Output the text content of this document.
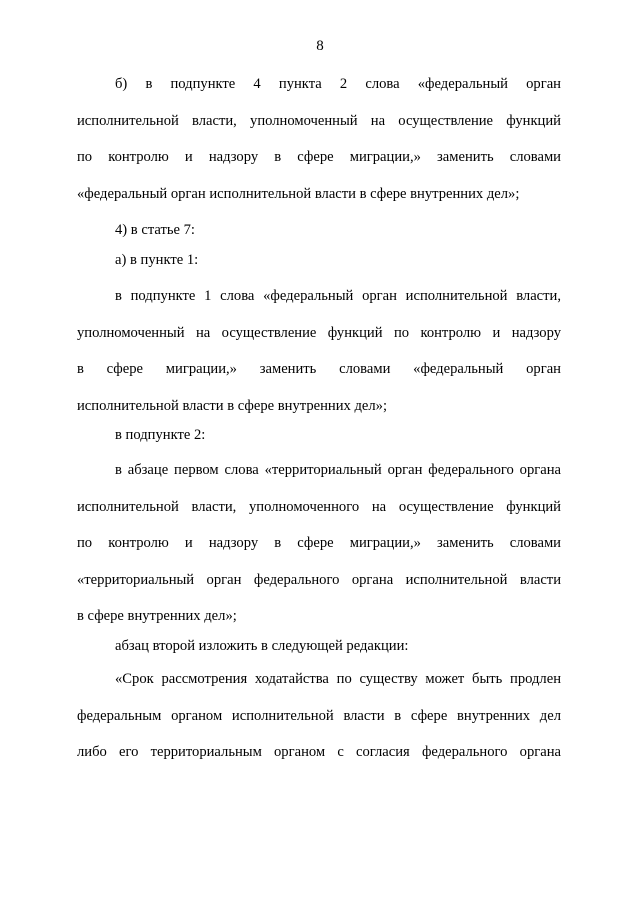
8
б) в подпункте 4 пункта 2 слова «федеральный орган
исполнительной власти, уполномоченный на осуществление функций
по контролю и надзору в сфере миграции,» заменить словами
«федеральный орган исполнительной власти в сфере внутренних дел»;
4) в статье 7:
а) в пункте 1:
в подпункте 1 слова «федеральный орган исполнительной власти,
уполномоченный на осуществление функций по контролю и надзору
в сфере миграции,» заменить словами «федеральный орган
исполнительной власти в сфере внутренних дел»;
в подпункте 2:
в абзаце первом слова «территориальный орган федерального органа
исполнительной власти, уполномоченного на осуществление функций
по контролю и надзору в сфере миграции,» заменить словами
«территориальный орган федерального органа исполнительной власти
в сфере внутренних дел»;
абзац второй изложить в следующей редакции:
«Срок рассмотрения ходатайства по существу может быть продлен
федеральным органом исполнительной власти в сфере внутренних дел
либо его территориальным органом с согласия федерального органа
